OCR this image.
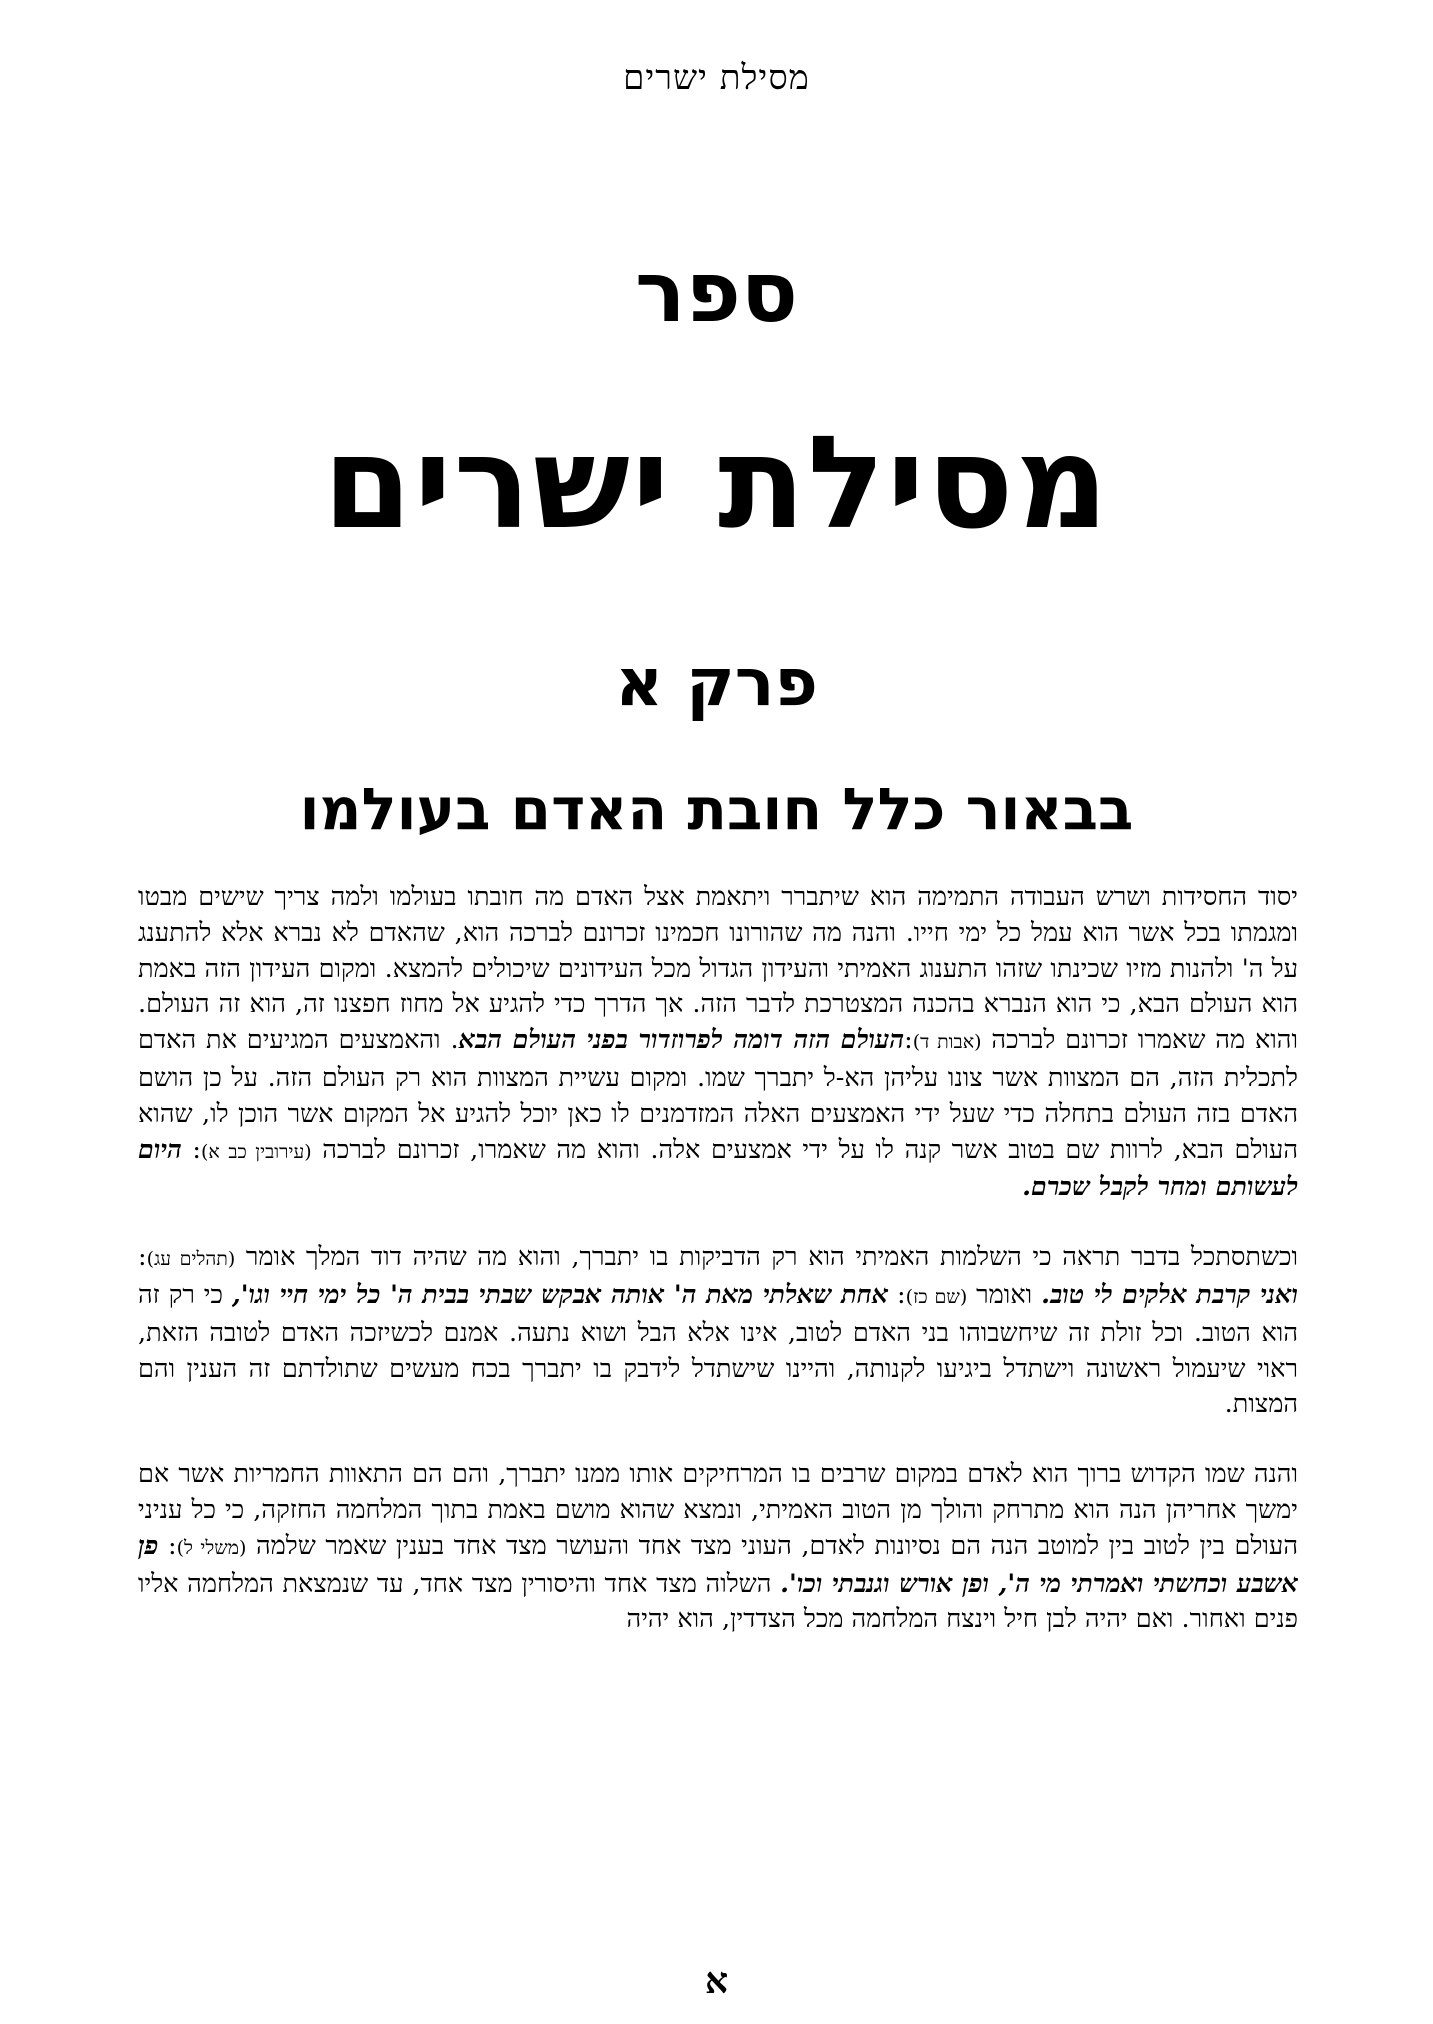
מסילת ישרים
ספר
מסילת ישרים
פרק א
בבאור כלל חובת האדם בעולמו

יסוד החסידות ושרש העבודה התמימה הוא שיתברר ויתאמת אצל האדם מה חובתו בעולמו ולמה צריך שישים מבטו ומגמתו בכל אשר הוא עמל כל ימי חייו. והנה מה שהורונו חכמינו זכרונם לברכה הוא, שהאדם לא נברא אלא להתענג על ה' ולהנות מזיו שכינתו שזהו התענוג האמיתי והעידון הגדול מכל העידונים שיכולים להמצא. ומקום העידון הזה באמת הוא העולם הבא, כי הוא הנברא בהכנה המצטרכת לדבר הזה. אך הדרך כדי להגיע אל מחוז חפצנו זה, הוא זה העולם. והוא מה שאמרו זכרונם לברכה (אבות ד):העולם הזה דומה לפרוזדור בפני העולם הבא. והאמצעים המגיעים את האדם לתכלית הזה, הם המצוות אשר צונו עליהן הא-ל יתברך שמו. ומקום עשיית המצוות הוא רק העולם הזה. על כן הושם האדם בזה העולם בתחלה כדי שעל ידי האמצעים האלה המזדמנים לו כאן יוכל להגיע אל המקום אשר הוכן לו, שהוא העולם הבא, לרוות שם בטוב אשר קנה לו על ידי אמצעים אלה. והוא מה שאמרו, זכרונם לברכה (עירובין כב א): היום לעשותם ומחר לקבל שכרם.

וכשתסתכל בדבר תראה כי השלמות האמיתי הוא רק הדביקות בו יתברך, והוא מה שהיה דוד המלך אומר (תהלים עג): ואני קרבת אלקים לי טוב. ואומר (שם כז): אחת שאלתי מאת ה' אותה אבקש שבתי בבית ה' כל ימי חיי וגו', כי רק זה הוא הטוב. וכל זולת זה שיחשבוהו בני האדם לטוב, אינו אלא הבל ושוא נתעה. אמנם לכשיזכה האדם לטובה הזאת, ראוי שיעמול ראשונה וישתדל ביגיעו לקנותה, והיינו שישתדל לידבק בו יתברך בכח מעשים שתולדתם זה הענין והם המצות.

והנה שמו הקדוש ברוך הוא לאדם במקום שרבים בו המרחיקים אותו ממנו יתברך, והם הם התאוות החמריות אשר אם ימשך אחריהן הנה הוא מתרחק והולך מן הטוב האמיתי, ונמצא שהוא מושם באמת בתוך המלחמה החזקה, כי כל עניני העולם בין לטוב בין למוטב הנה הם נסיונות לאדם, העוני מצד אחד והעושר מצד אחד בענין שאמר שלמה (משלי ל): פן אשבע וכחשתי ואמרתי מי ה', ופן אורש וגנבתי וכו'. השלוה מצד אחד והיסורין מצד אחד, עד שנמצאת המלחמה אליו פנים ואחור. ואם יהיה לבן חיל וינצח המלחמה מכל הצדדין, הוא יהיה

א
